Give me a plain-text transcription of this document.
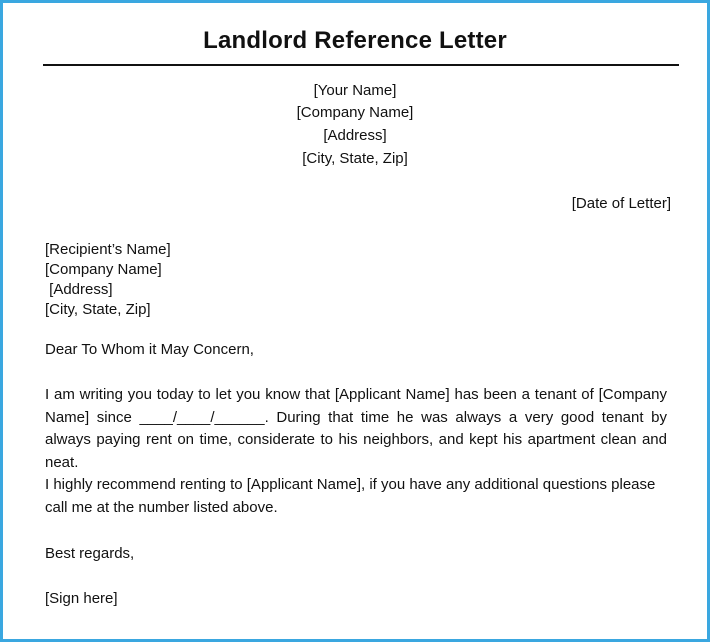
Landlord Reference Letter
[Your Name]
[Company Name]
[Address]
[City, State, Zip]
[Date of Letter]
[Recipient’s Name]
[Company Name]
[Address]
[City, State, Zip]
Dear To Whom it May Concern,
I am writing you today to let you know that [Applicant Name] has been a tenant of [Company Name] since ____/____/______. During that time he was always a very good tenant by always paying rent on time, considerate to his neighbors, and kept his apartment clean and neat.
I highly recommend renting to [Applicant Name], if you have any additional questions please call me at the number listed above.
Best regards,
[Sign here]
